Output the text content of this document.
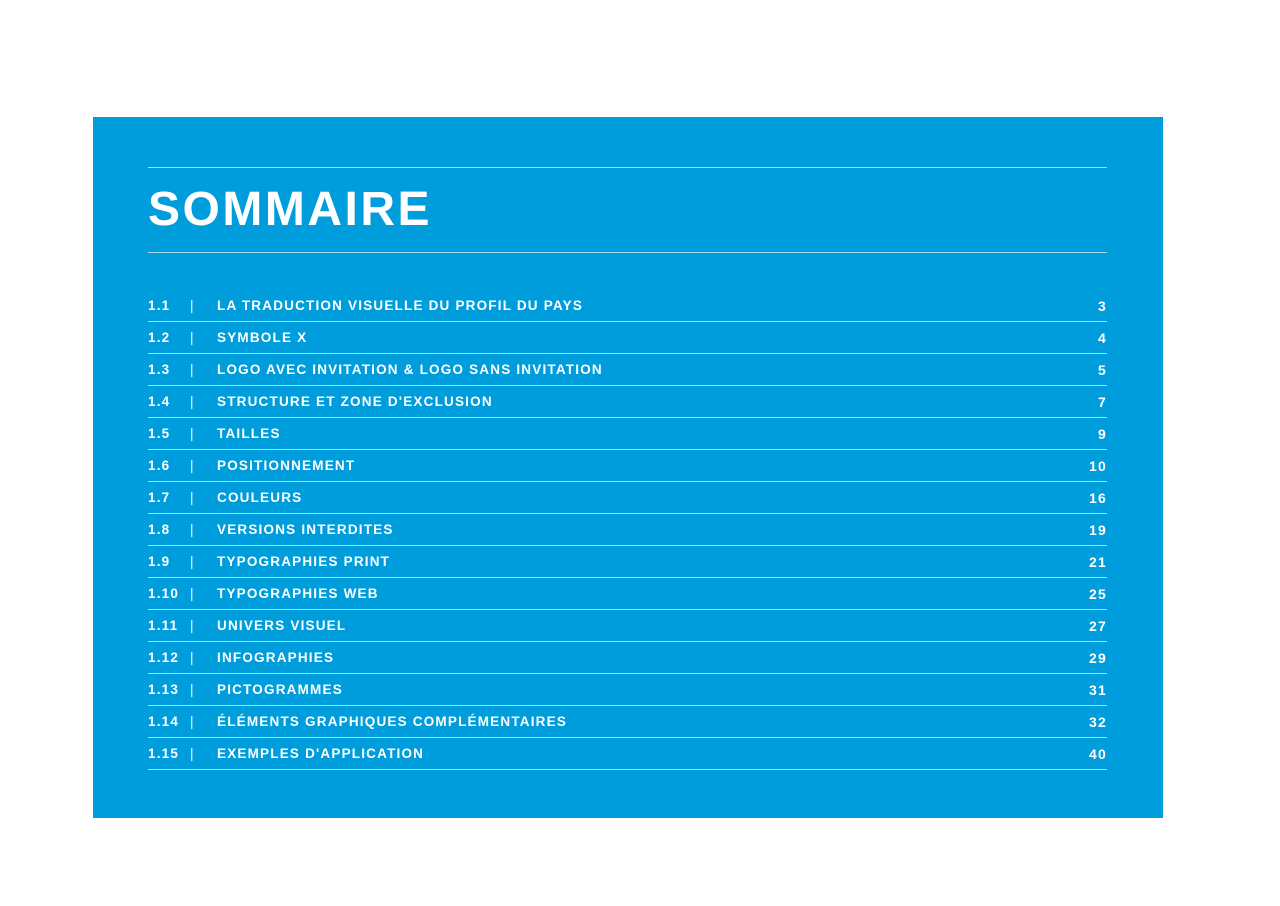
SOMMAIRE
1.1	|	LA TRADUCTION VISUELLE DU PROFIL DU PAYS	3
1.2	|	SYMBOLE X	4
1.3	|	LOGO AVEC INVITATION & LOGO SANS INVITATION	5
1.4	|	STRUCTURE ET ZONE D'EXCLUSION	7
1.5	|	TAILLES	9
1.6	|	POSITIONNEMENT	10
1.7	|	COULEURS	16
1.8	|	VERSIONS INTERDITES	19
1.9	|	TYPOGRAPHIES PRINT	21
1.10 |	TYPOGRAPHIES WEB	25
1.11 |	UNIVERS VISUEL	27
1.12 |	INFOGRAPHIES	29
1.13 |	PICTOGRAMMES	31
1.14 |	ÉLÉMENTS GRAPHIQUES COMPLÉMENTAIRES	32
1.15 |	EXEMPLES D'APPLICATION	40
